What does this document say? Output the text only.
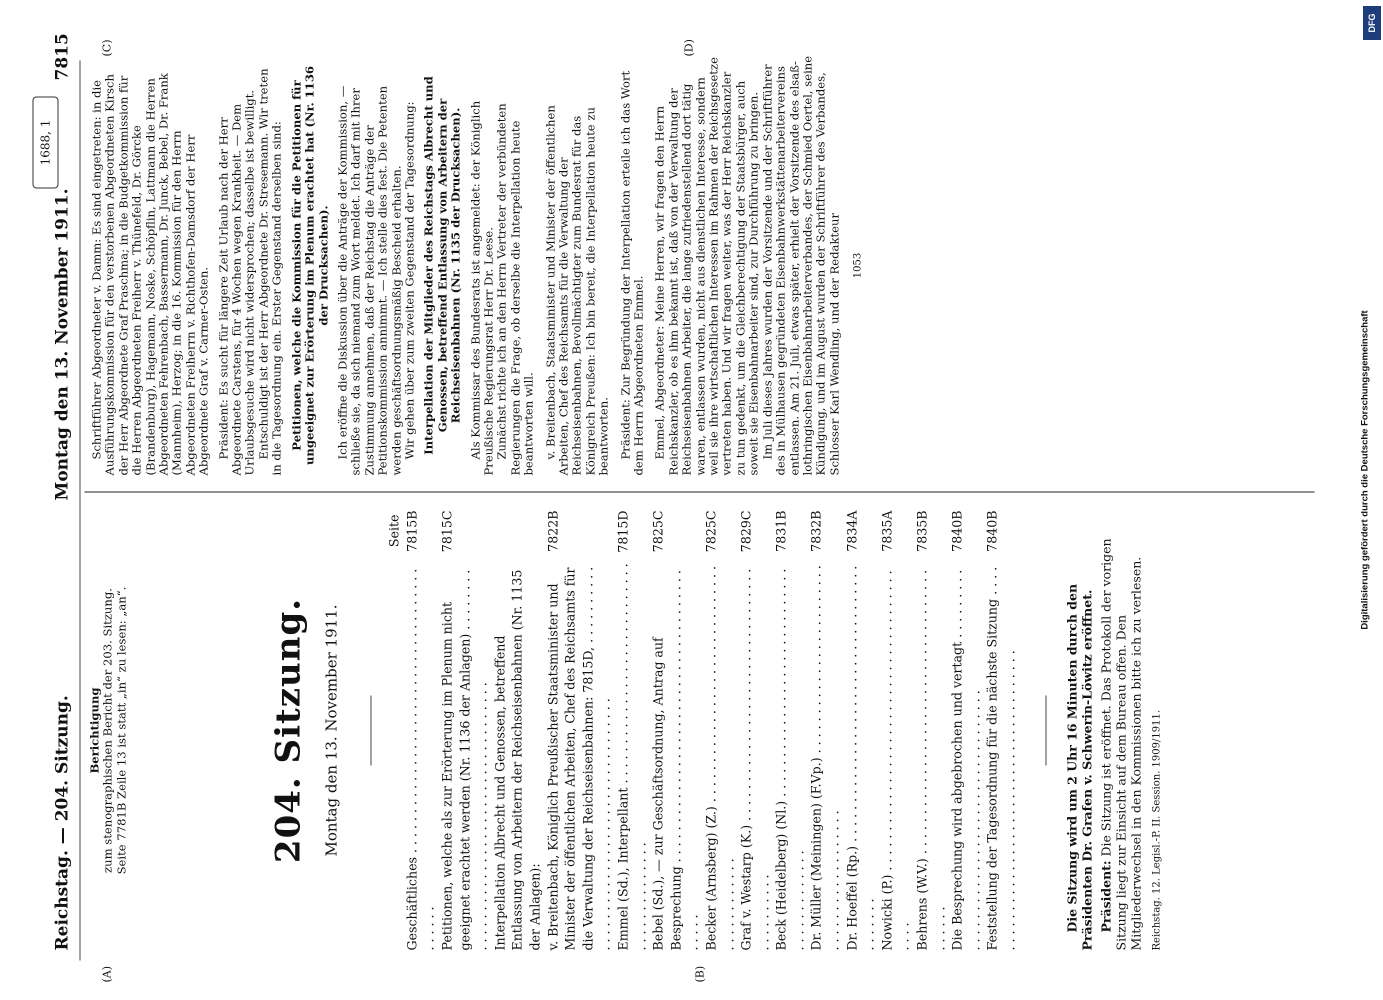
Reichstag. — 204. Sitzung.
Montag den 13. November 1911.
1688, 1
7815
(A)	(B)
(C)	(D)
Berichtigung zum stenographischen Bericht der 203. Sitzung. Seite 7781B Zeile 13 ist statt „in“ zu lesen: „an“.	204. Sitzung. Montag den 13. November 1911.
Seite
Geschäftliches . . .
7815B
Petitionen, welche als zur Erörterung im Plenum nicht geeignet erachtet werden (Nr. 1136 der Anlagen) . . .
7815C
Interpellation Albrecht und Genossen, betreffend Entlassung von Arbeitern der Reichseisenbahnen (Nr. 1135 der Anlagen): v. Breitenbach, Königlich Preußischer Staatsminister und Minister der öffentlichen Arbeiten, Chef des Reichsamts für die Verwaltung der Reichseisenbahnen: 7815D, . . .
7822B
Emmel (Sd.), Interpellant . . .
7815D
Bebel (Sd.), — zur Geschäftsordnung, Antrag auf Besprechung . . .
7825C
Becker (Arnsberg) (Z.) . . .
7825C
Graf v. Westarp (K.) . . .
7829C
Beck (Heidelberg) (Nl.) . . .
7831B
Dr. Müller (Meiningen) (F.Vp.) . . .
7832B
Dr. Hoeffel (Rp.) . . .
7834A
Nowicki (P.) . . .
7835A
Behrens (W.V.) . . .
7835B
Die Besprechung wird abgebrochen und vertagt . . .
7840B
Feststellung der Tagesordnung für die nächste Sitzung . . .
7840B
Die Sitzung wird um 2 Uhr 16 Minuten durch den Präsidenten Dr. Grafen v. Schwerin-Löwitz eröffnet. Präsident: Die Sitzung ist eröffnet. Das Protokoll der vorigen Sitzung liegt zur Einsicht auf dem Bureau offen. Den Mitgliederwechsel in den Kommissionen bitte ich zu verlesen. Reichstag. 12. Legisl.-P. II. Session. 1909/1911.

Schriftführer Abgeordneter v. Damm: Es sind eingetreten: in die Ausführungskommission für den verstorbenen Abgeordneten Kirsch der Herr Abgeordnete Graf Praschma; in die Budgetkommission für die Herren Abgeordneten Freiherr v. Thünefeld, Dr. Görcke (Brandenburg), Hagemann, Noske, Schöpflin, Lattmann die Herren Abgeordneten Fehrenbach, Bassermann, Dr. Junck, Bebel, Dr. Frank (Mannheim), Herzog; in die 16. Kommission für den Herrn Abgeordneten Freiherrn v. Richthofen-Damsdorf der Herr Abgeordnete Graf v. Carmer-Osten. Präsident: Es sucht für längere Zeit Urlaub nach der Herr Abgeordnete Carstens, für 4 Wochen wegen Krankheit. — Dem Urlaubsgesuche wird nicht widersprochen; dasselbe ist bewilligt. Entschuldigt ist der Herr Abgeordnete Dr. Stresemann. Wir treten in die Tagesordnung ein. Erster Gegenstand derselben sind: Petitionen, welche die Kommission für die Petitionen für ungeeignet zur Erörterung im Plenum erachtet hat (Nr. 1136 der Drucksachen). Ich eröffne die Diskussion über die Anträge der Kommission, — schließe sie, da sich niemand zum Wort meldet. Ich darf mit Ihrer Zustimmung annehmen, daß der Reichstag die Anträge der Petitionskommission annimmt. — Ich stelle dies fest. Die Petenten werden geschäftsordnungsmäßig Bescheid erhalten. Wir gehen über zum zweiten Gegenstand der Tagesordnung: Interpellation der Mitglieder des Reichstags Albrecht und Genossen, betreffend Entlassung von Arbeitern der Reichseisenbahnen (Nr. 1135 der Drucksachen). Als Kommissar des Bundesrats ist angemeldet: der Königlich Preußische Regierungsrat Herr Dr. Leese. Zunächst richte ich an den Herrn Vertreter der verbündeten Regierungen die Frage, ob derselbe die Interpellation heute beantworten will. v. Breitenbach, Staatsminister und Minister der öffentlichen Arbeiten, Chef des Reichsamts für die Verwaltung der Reichseisenbahnen, Bevollmächtigter zum Bundesrat für das Königreich Preußen: Ich bin bereit, die Interpellation heute zu beantworten. Präsident: Zur Begründung der Interpellation erteile ich das Wort dem Herrn Abgeordneten Emmel. Emmel, Abgeordneter: Meine Herren, wir fragen den Herrn Reichskanzler, ob es ihm bekannt ist, daß von der Verwaltung der Reichseisenbahnen Arbeiter, die lange zufriedenstellend dort tätig waren, entlassen wurden, nicht aus dienstlichen Interesse, sondern weil sie ihre wirtschaftlichen Interessen im Rahmen der Reichsgesetze vertreten haben. Und wir fragen weiter, was der Herr Reichskanzler zu tun gedenkt, um die Gleichberechtigung der Staatsbürger, auch soweit sie Eisenbahnarbeiter sind, zur Durchführung zu bringen. Im Juli dieses Jahres wurden der Vorsitzende und der Schriftführer des in Mülhausen gegründeten Eisenbahnwerkstättenarbeitervereins entlassen. Am 21. Juli, etwas später, erhielt der Vorsitzende des elsaß-lothringischen Eisenbahnarbeiterverbandes, der Schmied Oertel, seine Kündigung, und im August wurden der Schriftführer des Verbandes, Schlosser Karl Wendling, und der Redakteur 1053

DFG
Digitalisierung gefördert durch die Deutsche Forschungsgemeinschaft
